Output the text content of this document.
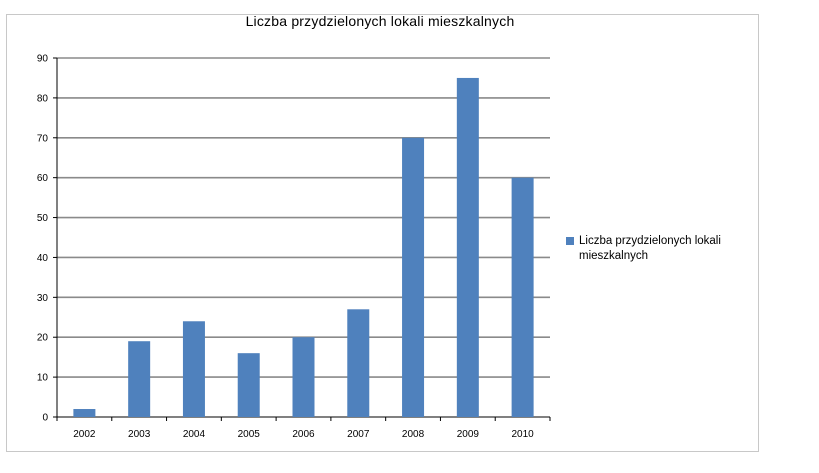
Liczba przydzielonych lokali mieszkalnych
0
10
20
30
40
50
60
70
80
90
2002	2003	2004	2005	2006	2007	2008	2009	2010
Liczba przydzielonych lokali mieszkalnych
